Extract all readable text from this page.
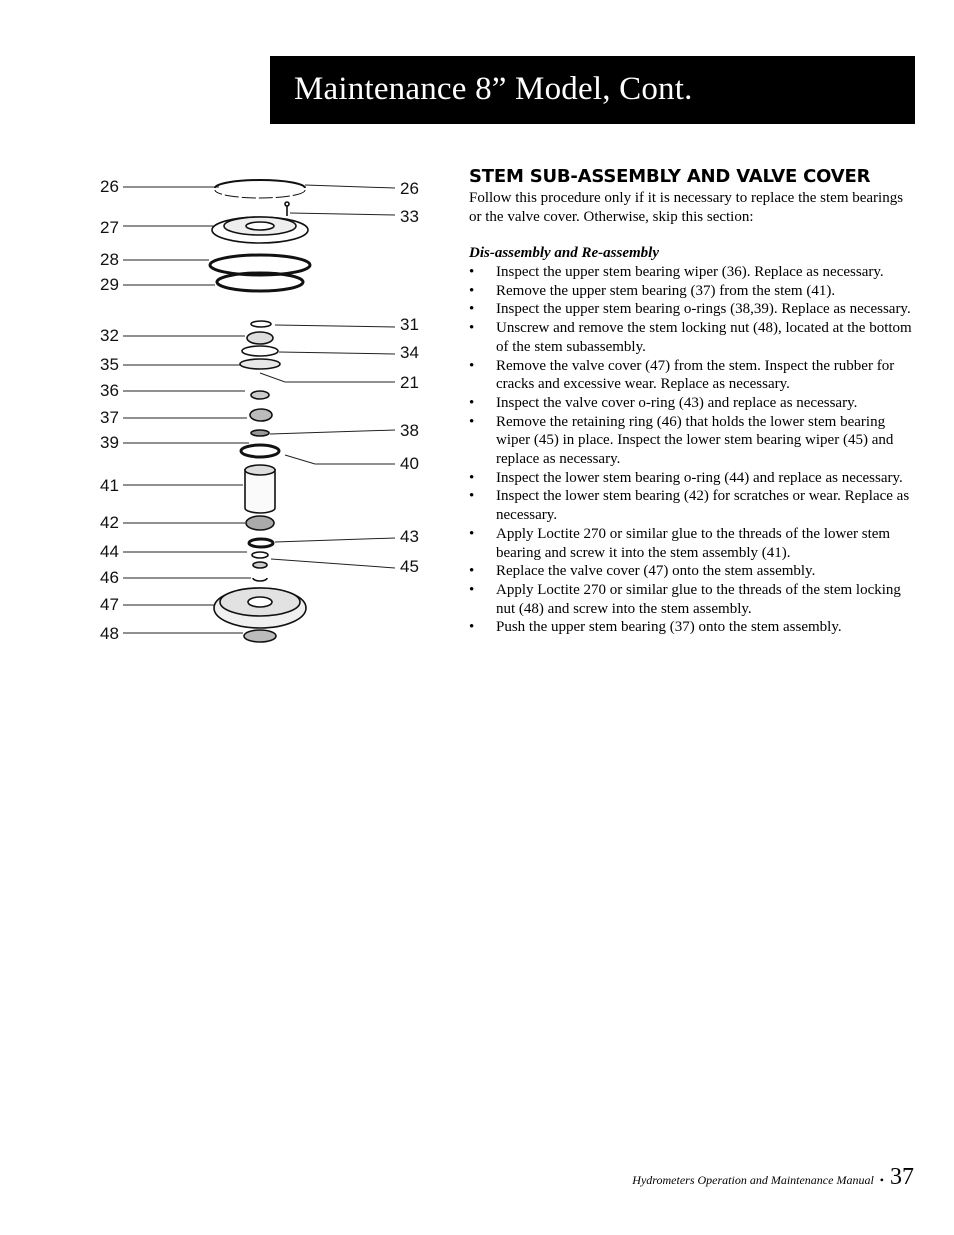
Maintenance 8” Model, Cont.
26
27
28
29
32
35
36
37
39
41
42
44
46
47
48
26
33
31
34
21
38
40
43
45
STEM SUB-ASSEMBLY AND VALVE COVER

Follow this procedure only if it is necessary to replace the stem bearings or the valve cover. Otherwise, skip this section:

Dis-assembly and Re-assembly

• Inspect the upper stem bearing wiper (36). Replace as necessary.
• Remove the upper stem bearing (37) from the stem (41).
• Inspect the upper stem bearing o-rings (38,39). Replace as necessary.
• Unscrew and remove the stem locking nut (48), located at the bottom of the stem subassembly.
• Remove the valve cover (47) from the stem. Inspect the rubber for cracks and excessive wear. Replace as necessary.
• Inspect the valve cover o-ring (43) and replace as necessary.
• Remove the retaining ring (46) that holds the lower stem bearing wiper (45) in place. Inspect the lower stem bearing wiper (45) and replace as necessary.
• Inspect the lower stem bearing o-ring (44) and replace as necessary.
• Inspect the lower stem bearing (42) for scratches or wear. Replace as necessary.
• Apply Loctite 270 or similar glue to the threads of the lower stem bearing and screw it into the stem assembly (41).
• Replace the valve cover (47) onto the stem assembly.
• Apply Loctite 270 or similar glue to the threads of the stem locking nut (48) and screw into the stem assembly.
• Push the upper stem bearing (37) onto the stem assembly.
Hydrometers Operation and Maintenance Manual • 37
